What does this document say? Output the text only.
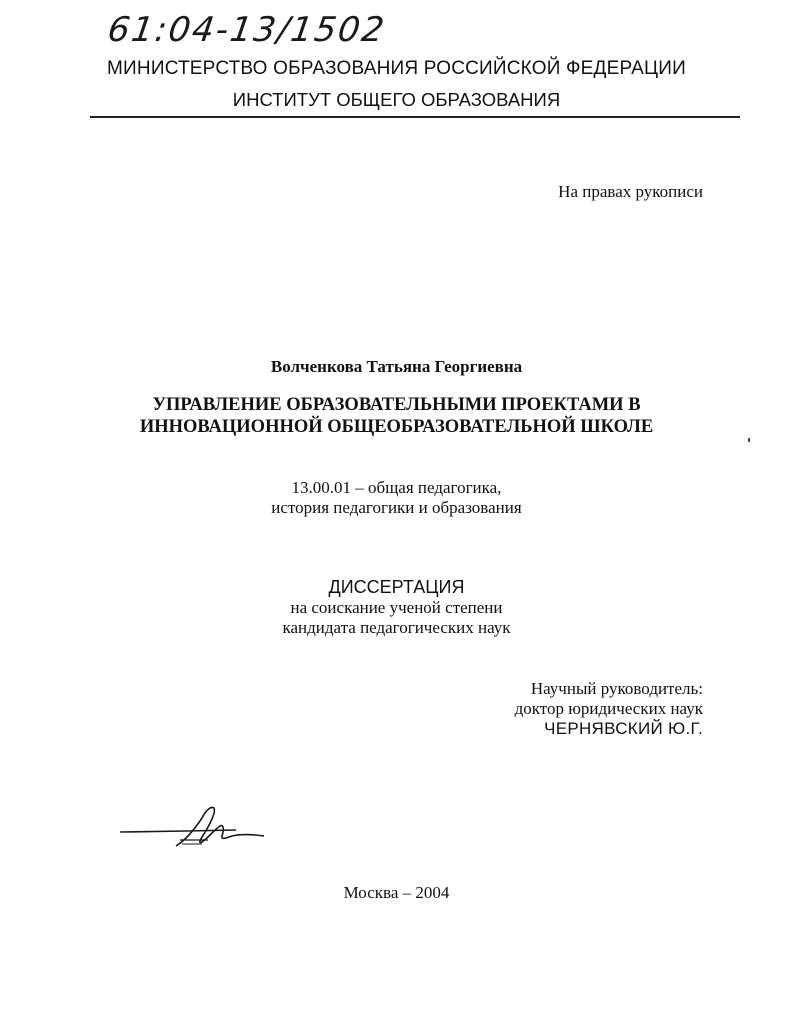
61:04-13/1502
МИНИСТЕРСТВО ОБРАЗОВАНИЯ РОССИЙСКОЙ ФЕДЕРАЦИИ
ИНСТИТУТ ОБЩЕГО ОБРАЗОВАНИЯ
На правах рукописи
Волченкова Татьяна Георгиевна
УПРАВЛЕНИЕ ОБРАЗОВАТЕЛЬНЫМИ ПРОЕКТАМИ В
ИННОВАЦИОННОЙ ОБЩЕОБРАЗОВАТЕЛЬНОЙ ШКОЛЕ
13.00.01 – общая педагогика,
история педагогики и образования
ДИССЕРТАЦИЯ
на соискание ученой степени
кандидата педагогических наук
Научный руководитель:
доктор юридических наук
ЧЕРНЯВСКИЙ Ю.Г.
Москва – 2004
